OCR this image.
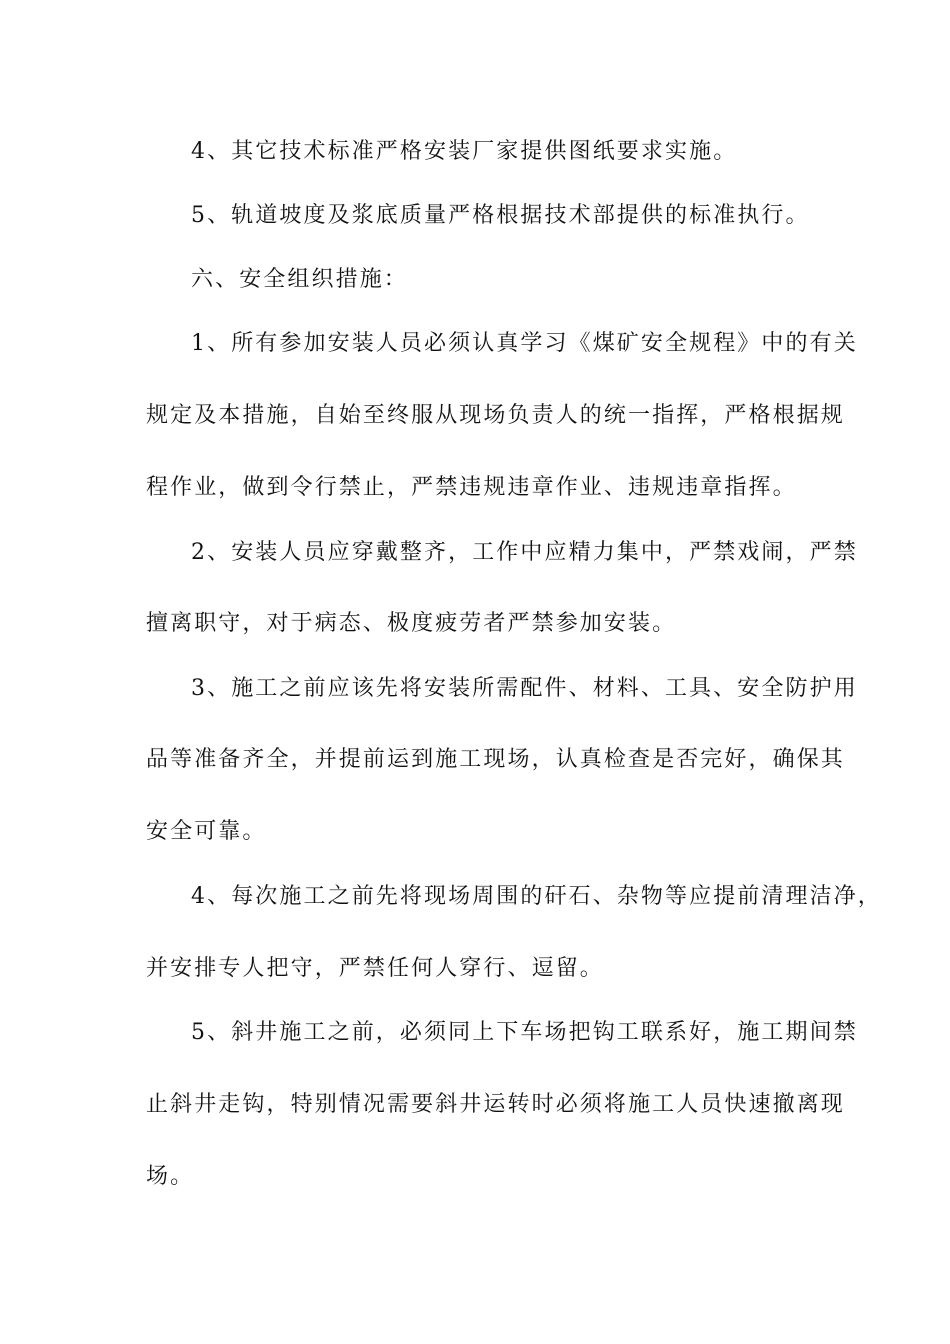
4、其它技术标准严格安装厂家提供图纸要求实施。
5、轨道坡度及浆底质量严格根据技术部提供的标准执行。
六、安全组织措施：
1、所有参加安装人员必须认真学习《煤矿安全规程》中的有关
规定及本措施，自始至终服从现场负责人的统一指挥，严格根据规
程作业，做到令行禁止，严禁违规违章作业、违规违章指挥。
2、安装人员应穿戴整齐，工作中应精力集中，严禁戏闹，严禁
擅离职守，对于病态、极度疲劳者严禁参加安装。
3、施工之前应该先将安装所需配件、材料、工具、安全防护用
品等准备齐全，并提前运到施工现场，认真检查是否完好，确保其
安全可靠。
4、每次施工之前先将现场周围的矸石、杂物等应提前清理洁净，
并安排专人把守，严禁任何人穿行、逗留。
5、斜井施工之前，必须同上下车场把钩工联系好，施工期间禁
止斜井走钩，特别情况需要斜井运转时必须将施工人员快速撤离现
场。
